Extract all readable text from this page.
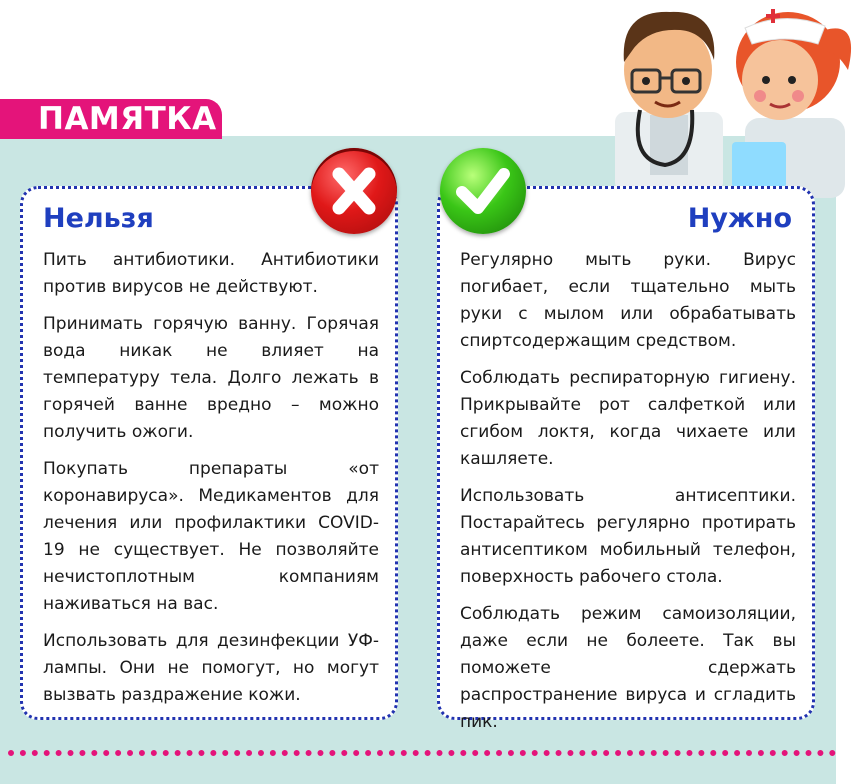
ПАМЯТКА
Нельзя

Пить антибиотики. Антибиотики против вирусов не действуют.

Принимать горячую ванну. Горячая вода никак не влияет на температуру тела. Долго лежать в горячей ванне вредно – можно получить ожоги.

Покупать препараты «от коронавируса». Медикаментов для лечения или профилактики COVID-19 не существует. Не позволяйте нечистоплотным компаниям наживаться на вас.

Использовать для дезинфекции УФ-лампы. Они не помогут, но могут вызвать раздражение кожи.

Нужно

Регулярно мыть руки. Вирус погибает, если тщательно мыть руки с мылом или обрабатывать спиртсодержащим средством.

Соблюдать респираторную гигиену. Прикрывайте рот салфеткой или сгибом локтя, когда чихаете или кашляете.

Использовать антисептики. Постарайтесь регулярно протирать антисептиком мобильный телефон, поверхность рабочего стола.

Соблюдать режим самоизоляции, даже если не болеете. Так вы поможете сдержать распространение вируса и сгладить пик.
